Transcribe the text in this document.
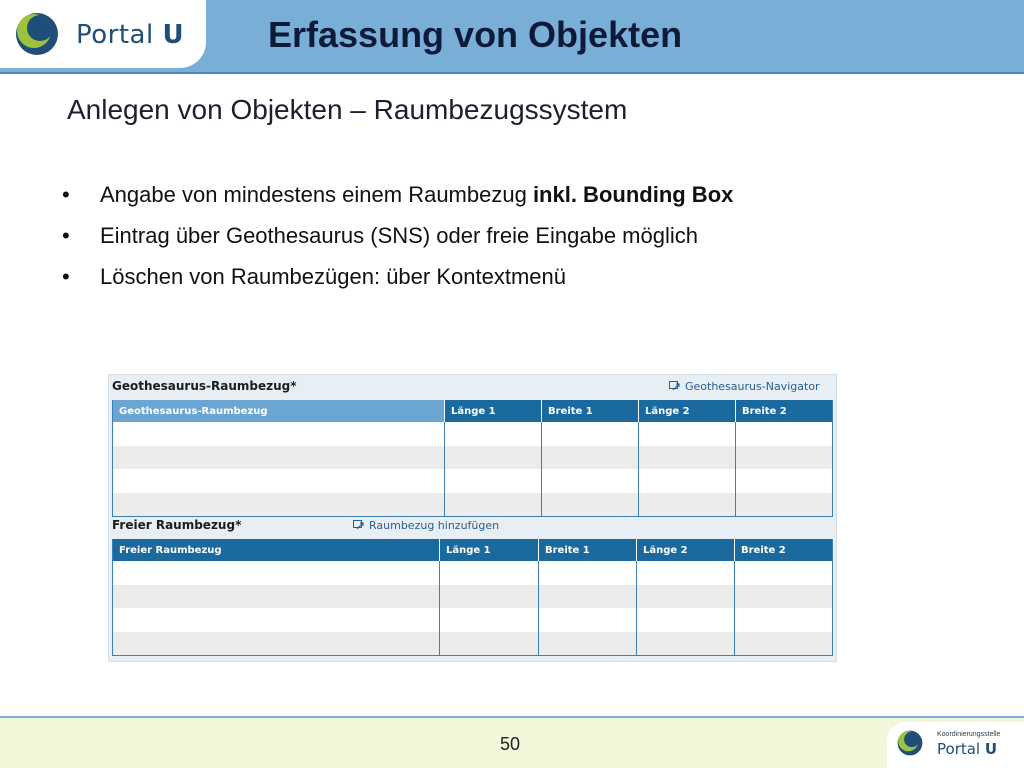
Portal U Erfassung von Objekten
Anlegen von Objekten – Raumbezugssystem
•	Angabe von mindestens einem Raumbezug inkl. Bounding Box
•	Eintrag über Geothesaurus (SNS) oder freie Eingabe möglich
•	Löschen von Raumbezügen: über Kontextmenü
Geothesaurus-Raumbezug*	Geothesaurus-Navigator
Geothesaurus-Raumbezug	Länge 1	Breite 1	Länge 2	Breite 2

Freier Raumbezug*	Raumbezug hinzufügen
Freier Raumbezug	Länge 1	Breite 1	Länge 2	Breite 2

50	Koordinierungsstelle
Portal U
